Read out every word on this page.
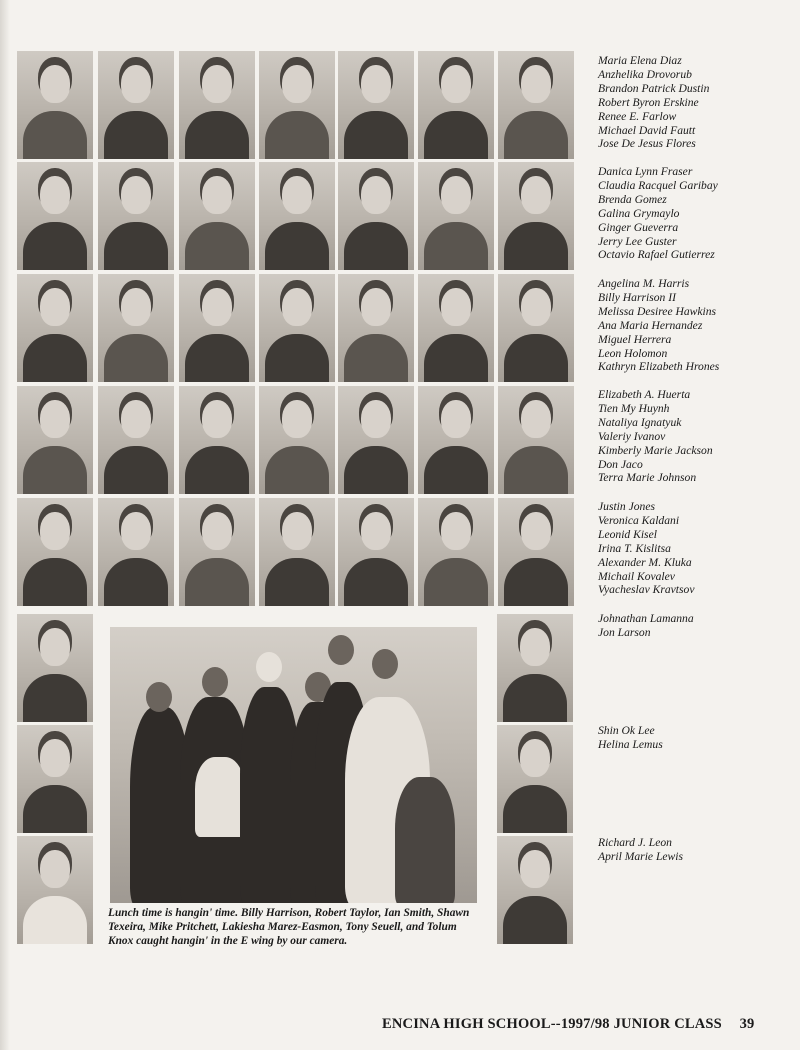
Maria Elena Diaz
Anzhelika Drovorub
Brandon Patrick Dustin
Robert Byron Erskine
Renee E. Farlow
Michael David Fautt
Jose De Jesus Flores
Danica Lynn Fraser
Claudia Racquel Garibay
Brenda Gomez
Galina Grymaylo
Ginger Gueverra
Jerry Lee Guster
Octavio Rafael Gutierrez
Angelina M. Harris
Billy Harrison II
Melissa Desiree Hawkins
Ana Maria Hernandez
Miguel Herrera
Leon Holomon
Kathryn Elizabeth Hrones
Elizabeth A. Huerta
Tien My Huynh
Nataliya Ignatyuk
Valeriy Ivanov
Kimberly Marie Jackson
Don Jaco
Terra Marie Johnson
Justin Jones
Veronica Kaldani
Leonid Kisel
Irina T. Kislitsa
Alexander M. Kluka
Michail Kovalev
Vyacheslav Kravtsov
Johnathan Lamanna
Jon Larson
Shin Ok Lee
Helina Lemus
Richard J. Leon
April Marie Lewis
Lunch time is hangin' time. Billy Harrison, Robert Taylor, Ian Smith, Shawn Texeira, Mike Pritchett, Lakiesha Marez-Easmon, Tony Seuell, and Tolum Knox caught hangin' in the E wing by our camera.
ENCINA HIGH SCHOOL--1997/98 JUNIOR CLASS 39
